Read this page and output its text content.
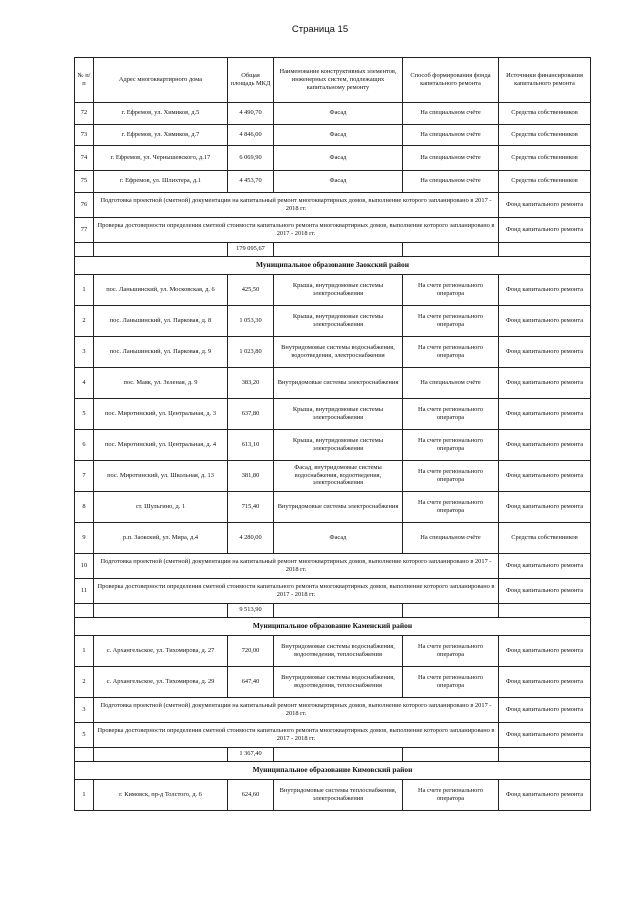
Страница 15
№ п/п	Адрес многоквартирного дома	Общая площадь МКД	Наименование конструктивных элементов, инженерных систем, подлежащих капитальному ремонту	Способ формирования фонда капитального ремонта	Источники финансирования капитального ремонта
72	г. Ефремов, ул. Химиков, д.5	4 490,70	Фасад	На специальном счёте	Средства собственников
73	г. Ефремов, ул. Химиков, д.7	4 846,00	Фасад	На специальном счёте	Средства собственников
74	г. Ефремов, ул. Чернышевского, д.17	6 069,90	Фасад	На специальном счёте	Средства собственников
75	г. Ефремов, ул. Шлихтера, д.1	4 453,70	Фасад	На специальном счёте	Средства собственников
76	Подготовка проектной (сметной) документации на капитальный ремонт многоквартирных домов, выполнение которого запланировано в 2017 - 2018 гг.				Фонд капитального ремонта
77	Проверка достоверности определения сметной стоимости капитального ремонта многоквартирных домов, выполнение которого запланировано в 2017 - 2018 гг.				Фонд капитального ремонта
		179 095,67			
Муниципальное образование Заокский район					
1	пос. Ланьшинский, ул. Московская, д. 6	425,50	Крыша, внутридомовые системы электроснабжения	На счете регионального оператора	Фонд капитального ремонта
2	пос. Ланьшинский, ул. Парковая, д. 8	1 053,30	Крыша, внутридомовые системы электроснабжения	На счете регионального оператора	Фонд капитального ремонта
3	пос. Ланьшинский, ул. Парковая, д. 9	1 023,80	Внутридомовые системы водоснабжения, водоотведения, электроснабжения	На счете регионального оператора	Фонд капитального ремонта
4	пос. Маяк, ул. Зеленая, д. 9	383,20	Внутридомовые системы электроснабжения	На специальном счёте	Фонд капитального ремонта
5	пос. Миротинский, ул. Центральная, д. 3	637,80	Крыша, внутридомовые системы электроснабжения	На счете регионального оператора	Фонд капитального ремонта
6	пос. Миротинский, ул. Центральная, д. 4	613,10	Крыша, внутридомовые системы электроснабжения	На счете регионального оператора	Фонд капитального ремонта
7	пос. Миротинский, ул. Школьная, д. 13	381,80	Фасад, внутридомовые системы водоснабжения, водоотведения, электроснабжения	На счете регионального оператора	Фонд капитального ремонта
8	ст. Шульгино, д. 1	715,40	Внутридомовые системы электроснабжения	На счете регионального оператора	Фонд капитального ремонта
9	р.п. Заокский, ул. Мира, д.4	4 280,00	Фасад	На специальном счёте	Средства собственников
10	Подготовка проектной (сметной) документации на капитальный ремонт многоквартирных домов, выполнение которого запланировано в 2017 - 2018 гг.				Фонд капитального ремонта
11	Проверка достоверности определения сметной стоимости капитального ремонта многоквартирных домов, выполнение которого запланировано в 2017 - 2018 гг.				Фонд капитального ремонта
		9 513,90			
Муниципальное образование Каменский район					
1	с. Архангельское, ул. Тихомирова, д. 27	720,00	Внутридомовые системы водоснабжения, водоотведения, теплоснабжения	На счете регионального оператора	Фонд капитального ремонта
2	с. Архангельское, ул. Тихомирова, д. 29	647,40	Внутридомовые системы водоснабжения, водоотведения, теплоснабжения	На счете регионального оператора	Фонд капитального ремонта
3	Подготовка проектной (сметной) документации на капитальный ремонт многоквартирных домов, выполнение которого запланировано в 2017 - 2018 гг.				Фонд капитального ремонта
5	Проверка достоверности определения сметной стоимости капитального ремонта многоквартирных домов, выполнение которого запланировано в 2017 - 2018 гг.				Фонд капитального ремонта
		1 367,40			
Муниципальное образование Кимовский район					
1	г. Кимовск, пр-д Толстого, д. 6	624,60	Внутридомовые системы теплоснабжения, электроснабжения	На счете регионального оператора	Фонд капитального ремонта
